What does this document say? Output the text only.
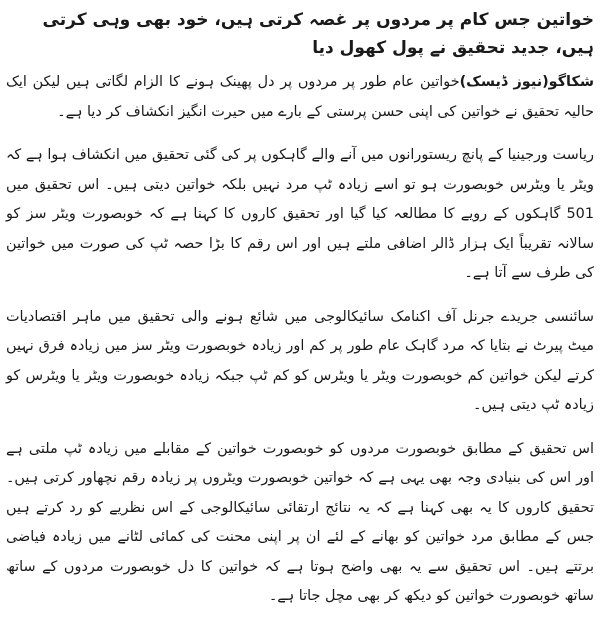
خواتین جس کام پر مردوں پر غصہ کرتی ہیں، خود بھی وہی کرتی ہیں، جدید تحقیق نے پول کھول دیا

شکاگو(نیوز ڈیسک)خواتین عام طور پر مردوں پر دل پھینک ہونے کا الزام لگاتی ہیں لیکن ایک حالیہ تحقیق نے خواتین کی اپنی حسن پرستی کے بارے میں حیرت انگیز انکشاف کر دیا ہے۔

ریاست ورجینیا کے پانچ ریستورانوں میں آنے والے گاہکوں پر کی گئی تحقیق میں انکشاف ہوا ہے کہ ویٹر یا ویٹرس خوبصورت ہو تو اسے زیادہ ٹپ مرد نہیں بلکہ خواتین دیتی ہیں۔ اس تحقیق میں 501 گاہکوں کے رویے کا مطالعہ کیا گیا اور تحقیق کاروں کا کہنا ہے کہ خوبصورت ویٹر سز کو سالانہ تقریباً ایک ہزار ڈالر اضافی ملتے ہیں اور اس رقم کا بڑا حصہ ٹپ کی صورت میں خواتین کی طرف سے آتا ہے۔

سائنسی جریدے جرنل آف اکنامک سائیکالوجی میں شائع ہونے والی تحقیق میں ماہر اقتصادیات میٹ پیرٹ نے بتایا کہ مرد گاہک عام طور پر کم اور زیادہ خوبصورت ویٹر سز میں زیادہ فرق نہیں کرتے لیکن خواتین کم خوبصورت ویٹر یا ویٹرس کو کم ٹپ جبکہ زیادہ خوبصورت ویٹر یا ویٹرس کو زیادہ ٹپ دیتی ہیں۔

اس تحقیق کے مطابق خوبصورت مردوں کو خوبصورت خواتین کے مقابلے میں زیادہ ٹپ ملتی ہے اور اس کی بنیادی وجہ بھی یہی ہے کہ خواتین خوبصورت ویٹروں پر زیادہ رقم نچھاور کرتی ہیں۔ تحقیق کاروں کا یہ بھی کہنا ہے کہ یہ نتائج ارتقائی سائیکالوجی کے اس نظریے کو رد کرتے ہیں جس کے مطابق مرد خواتین کو بھانے کے لئے ان پر اپنی محنت کی کمائی لٹانے میں زیادہ فیاضی برتتے ہیں۔ اس تحقیق سے یہ بھی واضح ہوتا ہے کہ خواتین کا دل خوبصورت مردوں کے ساتھ ساتھ خوبصورت خواتین کو دیکھ کر بھی مچل جاتا ہے۔
